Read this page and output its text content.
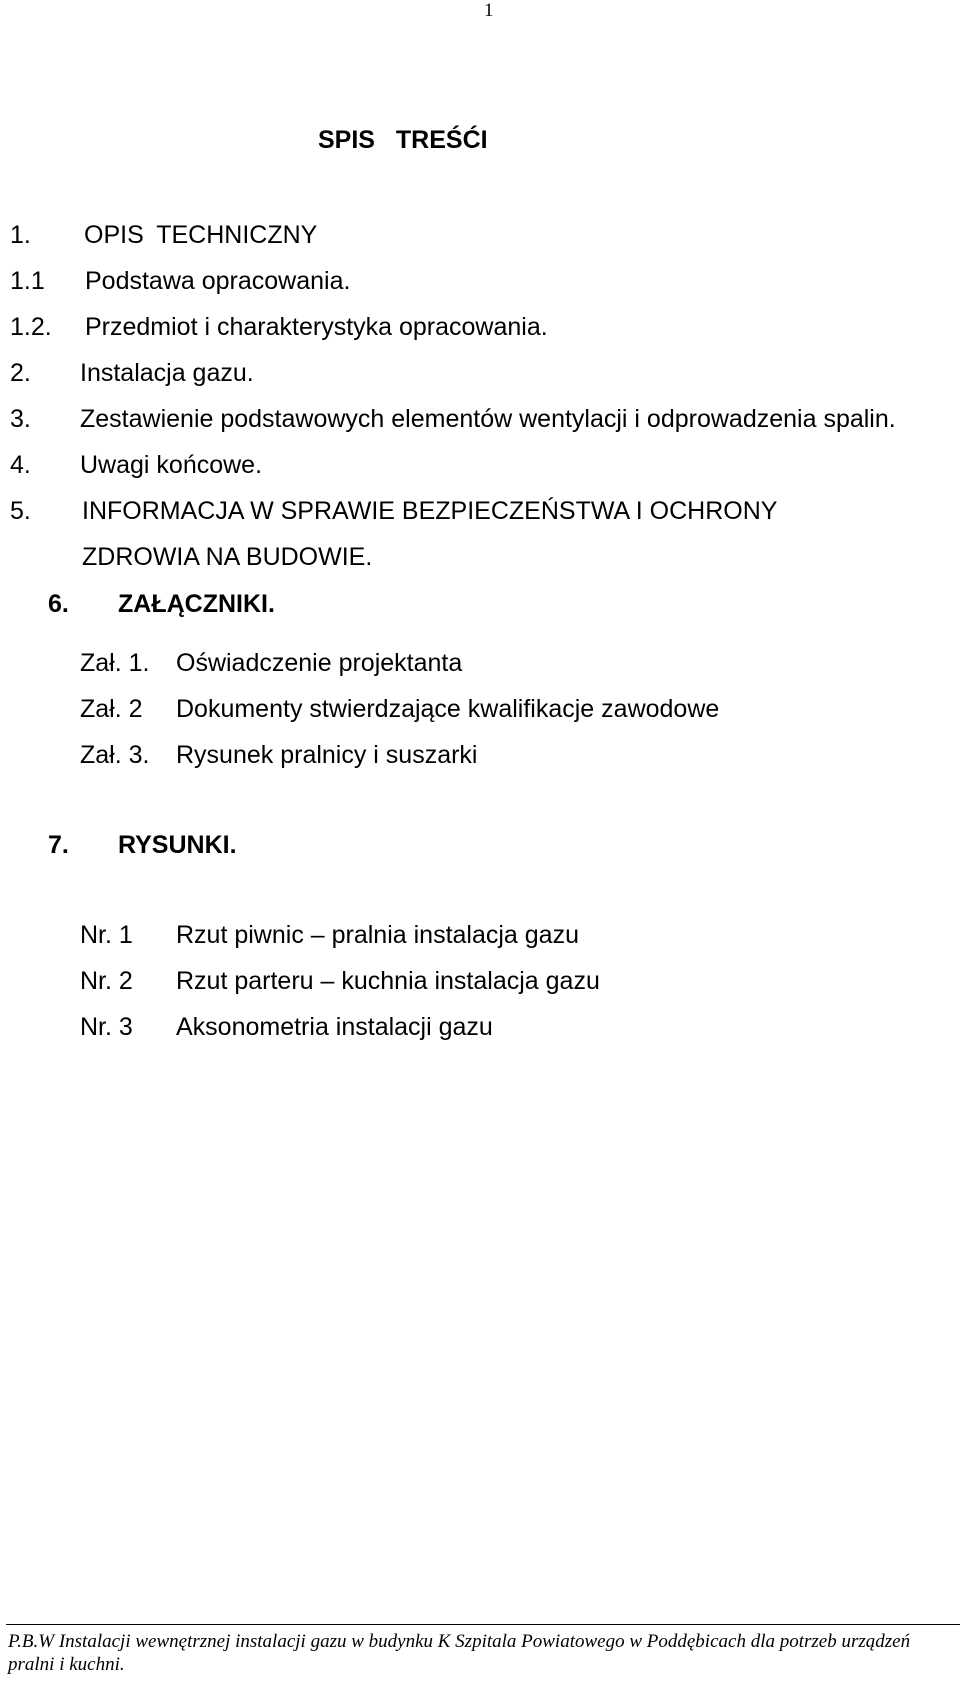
1
SPIS TREŚĆI
1. OPIS TECHNICZNY
1.1 Podstawa opracowania.
1.2. Przedmiot i charakterystyka opracowania.
2. Instalacja gazu.
3. Zestawienie podstawowych elementów wentylacji i odprowadzenia spalin.
4. Uwagi końcowe.
5. INFORMACJA W SPRAWIE BEZPIECZEŃSTWA I OCHRONY
ZDROWIA NA BUDOWIE.
6. ZAŁĄCZNIKI.
Zał. 1. Oświadczenie projektanta
Zał. 2 Dokumenty stwierdzające kwalifikacje zawodowe
Zał. 3. Rysunek pralnicy i suszarki
7. RYSUNKI.
Nr. 1 Rzut piwnic – pralnia instalacja gazu
Nr. 2 Rzut parteru – kuchnia instalacja gazu
Nr. 3 Aksonometria instalacji gazu
P.B.W Instalacji wewnętrznej instalacji gazu w budynku K Szpitala Powiatowego w Poddębicach dla potrzeb urządzeń pralni i kuchni.
